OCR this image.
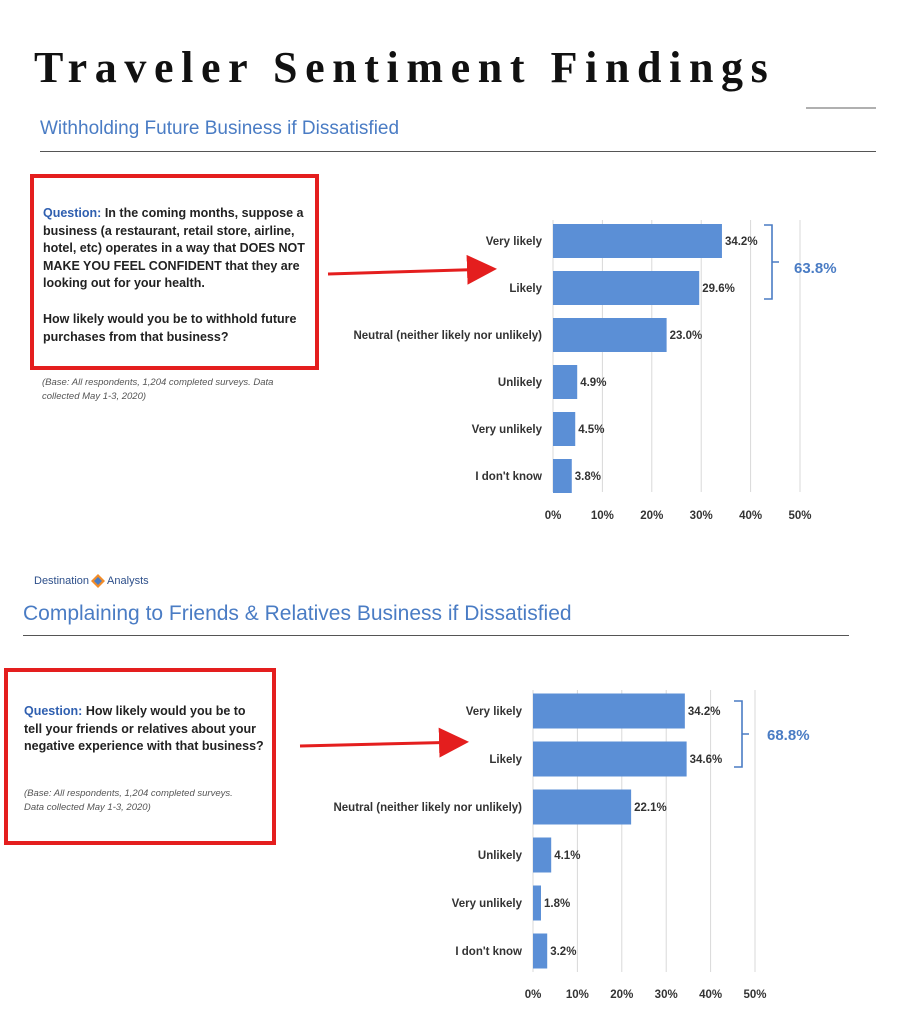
Traveler Sentiment Findings
Withholding Future Business if Dissatisfied
Question: In the coming months, suppose a business (a restaurant, retail store, airline, hotel, etc) operates in a way that DOES NOT MAKE YOU FEEL CONFIDENT that they are looking out for your health.
How likely would you be to withhold future purchases from that business?
(Base: All respondents, 1,204 completed surveys. Data collected May 1-3, 2020)
Destination Analysts
Complaining to Friends & Relatives Business if Dissatisfied
Question: How likely would you be to tell your friends or relatives about your negative experience with that business?
(Base: All respondents, 1,204 completed surveys. Data collected May 1-3, 2020)
0%	10% 20% 30% 40% 50%
Very likely	34.2%
Likely	29.6%
Neutral (neither likely nor unlikely)	23.0%
Unlikely	4.9%
Very unlikely	4.5%
I don't know	3.8%
63.8%
0% 10% 20% 30% 40% 50%
Very likely	34.2%
Likely	34.6%
Neutral (neither likely nor unlikely)	22.1%
Unlikely	4.1%
Very unlikely 1.8%
I don't know 3.2%
68.8%
